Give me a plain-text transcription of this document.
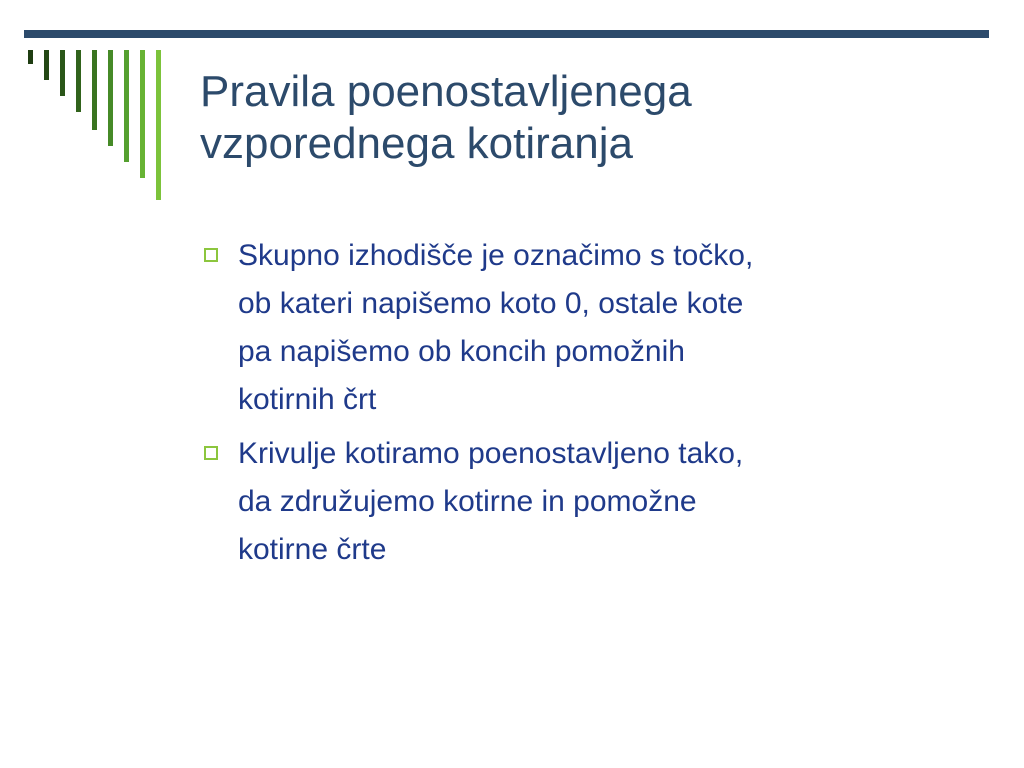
Pravila poenostavljenega
vzporednega kotiranja
Skupno izhodišče je označimo s točko,
ob kateri napišemo koto 0, ostale kote
pa napišemo ob koncih pomožnih
kotirnih črt
Krivulje kotiramo poenostavljeno tako,
da združujemo kotirne in pomožne
kotirne črte
